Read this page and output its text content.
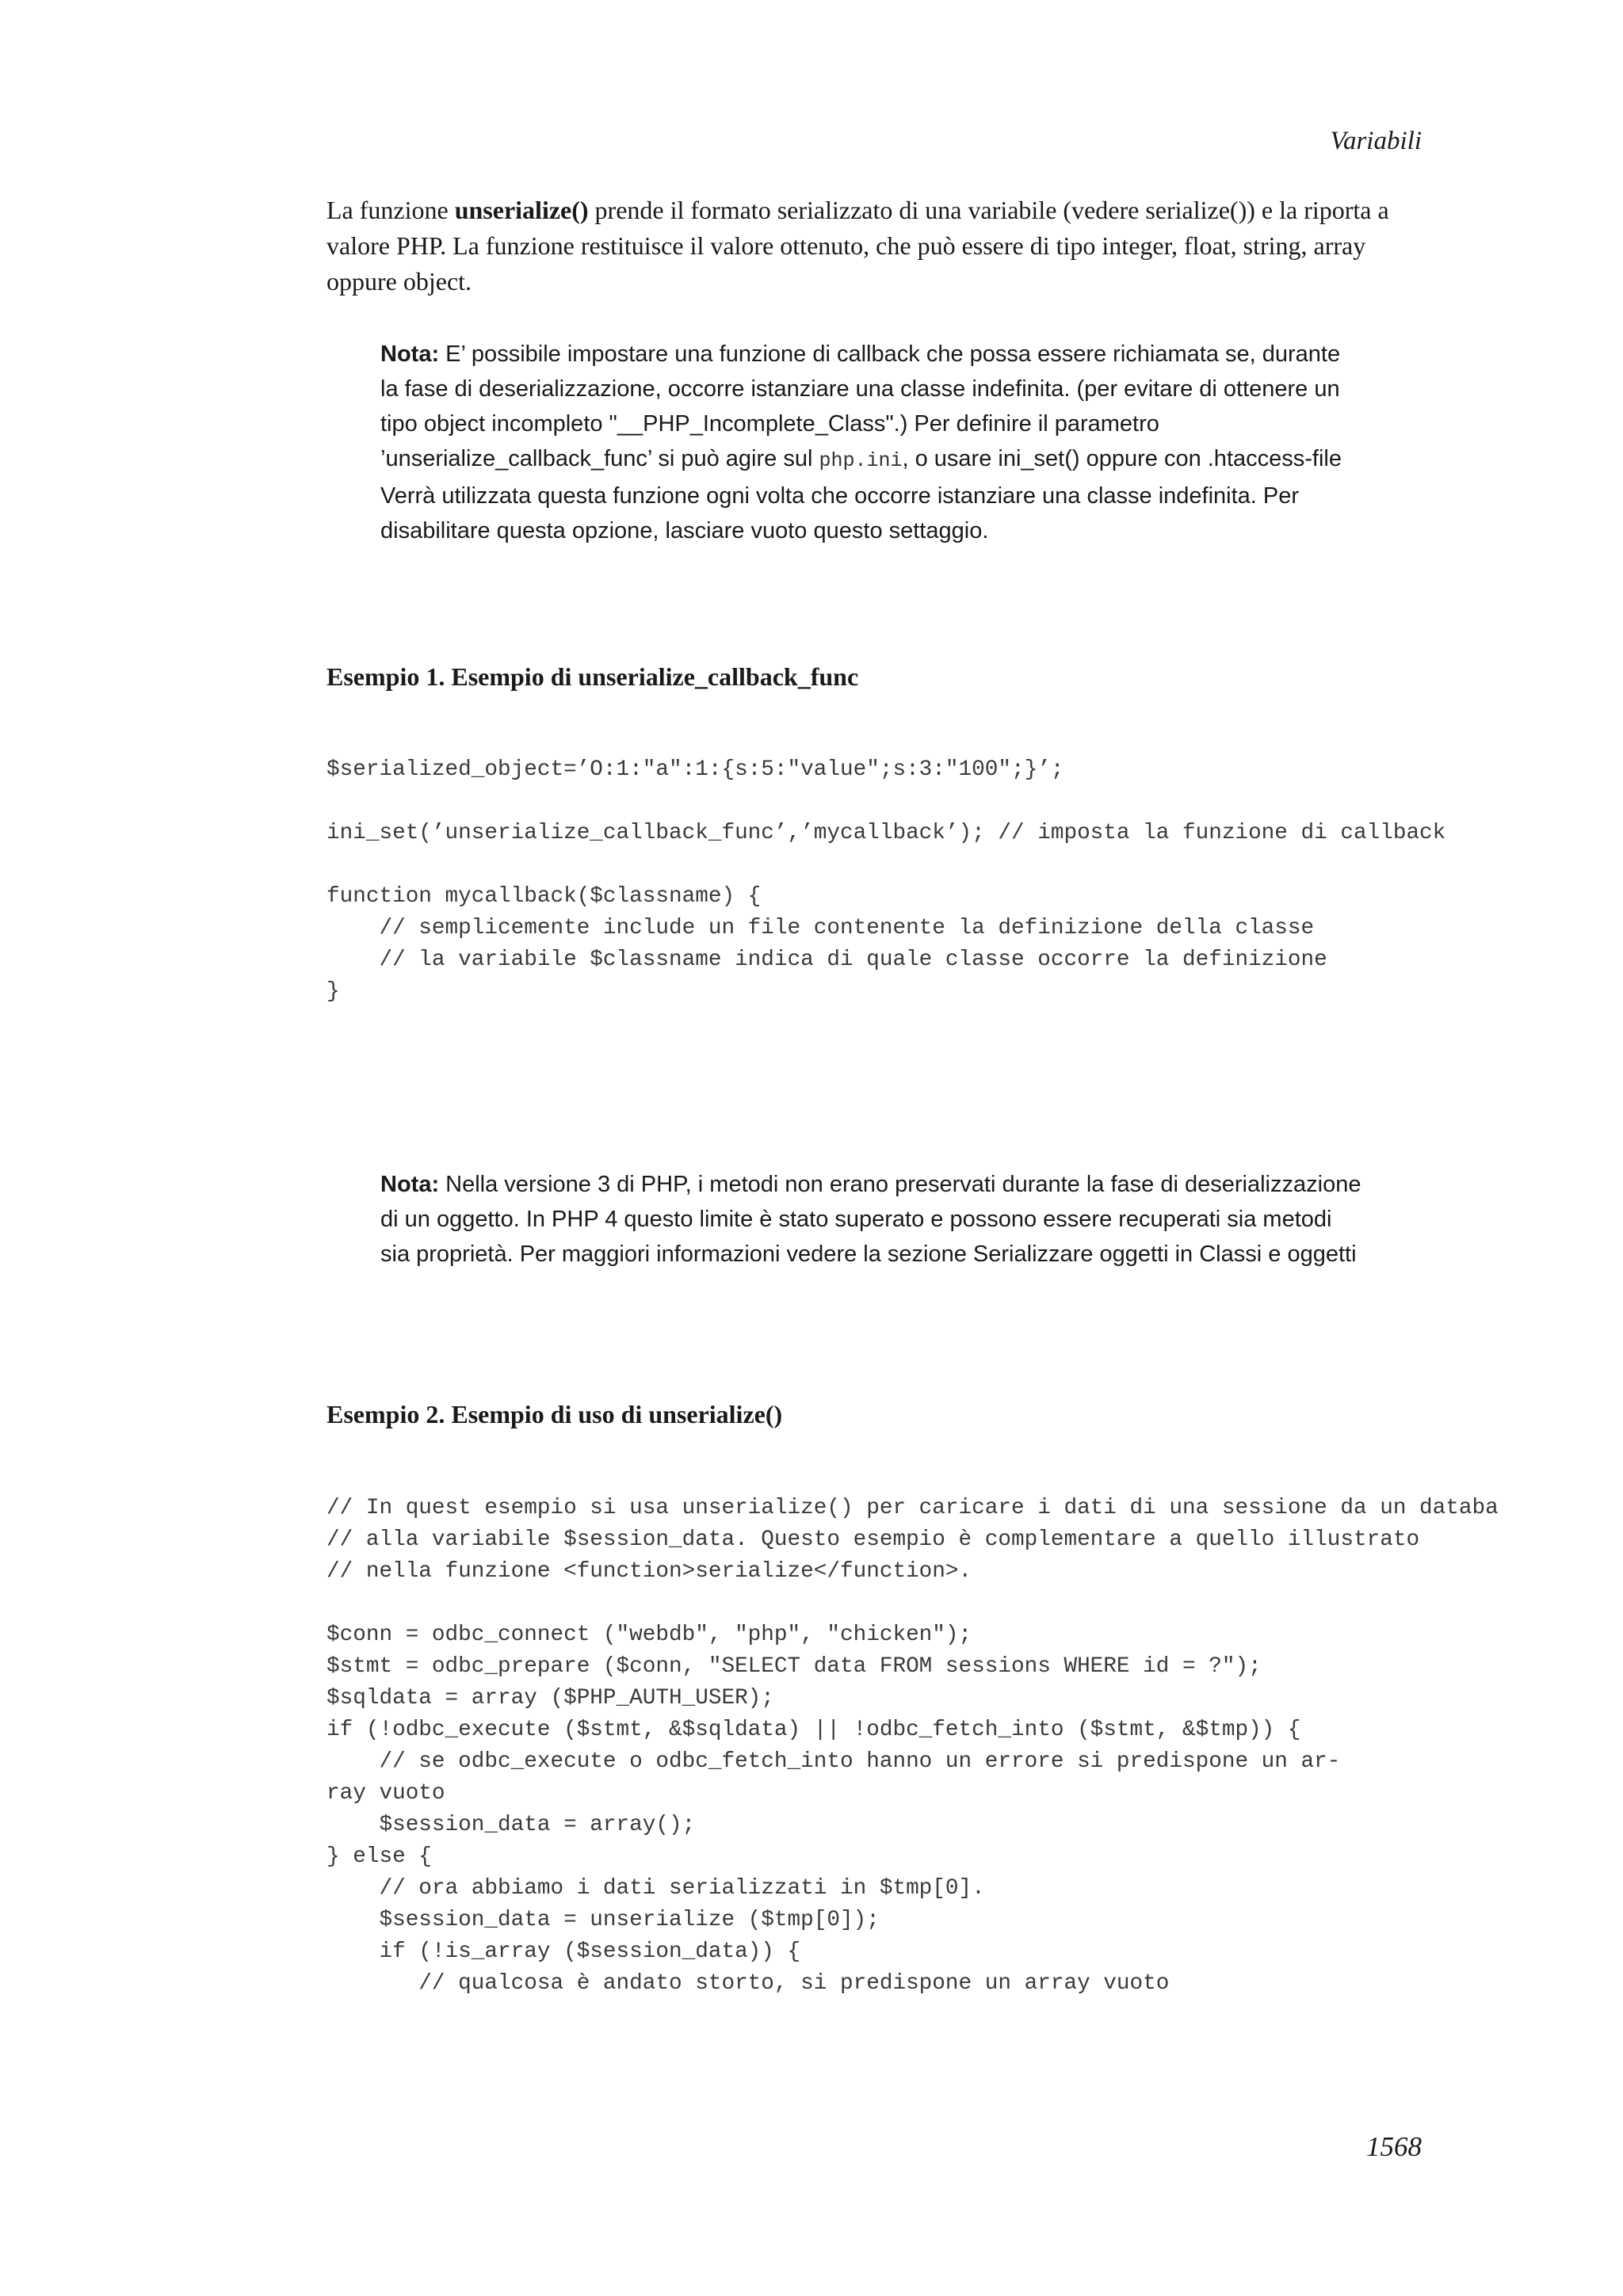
Variabili

La funzione unserialize() prende il formato serializzato di una variabile (vedere serialize()) e la riporta a valore PHP. La funzione restituisce il valore ottenuto, che può essere di tipo integer, float, string, array oppure object.

Nota: E’ possibile impostare una funzione di callback che possa essere richiamata se, durante
la fase di deserializzazione, occorre istanziare una classe indefinita. (per evitare di ottenere un
tipo object incompleto "__PHP_Incomplete_Class".) Per definire il parametro
’unserialize_callback_func’ si può agire sul php.ini, o usare ini_set() oppure con .htaccess-file
Verrà utilizzata questa funzione ogni volta che occorre istanziare una classe indefinita. Per
disabilitare questa opzione, lasciare vuoto questo settaggio.
Esempio 1. Esempio di unserialize_callback_func
$serialized_object=’O:1:"a":1:{s:5:"value";s:3:"100";}’;

ini_set(’unserialize_callback_func’,’mycallback’); // imposta la funzione di callback

function mycallback($classname) {
// semplicemente include un file contenente la definizione della classe
// la variabile $classname indica di quale classe occorre la definizione
}
Nota: Nella versione 3 di PHP, i metodi non erano preservati durante la fase di deserializzazione
di un oggetto. In PHP 4 questo limite è stato superato e possono essere recuperati sia metodi
sia proprietà. Per maggiori informazioni vedere la sezione Serializzare oggetti in Classi e oggetti
Esempio 2. Esempio di uso di unserialize()
// In quest esempio si usa unserialize() per caricare i dati di una sessione da un databa
// alla variabile $session_data. Questo esempio è complementare a quello illustrato
// nella funzione <function>serialize</function>.

$conn = odbc_connect ("webdb", "php", "chicken");
$stmt = odbc_prepare ($conn, "SELECT data FROM sessions WHERE id = ?");
$sqldata = array ($PHP_AUTH_USER);
if (!odbc_execute ($stmt, &$sqldata) || !odbc_fetch_into ($stmt, &$tmp)) {
// se odbc_execute o odbc_fetch_into hanno un errore si predispone un ar-
ray vuoto
$session_data = array();
} else {
// ora abbiamo i dati serializzati in $tmp[0].
$session_data = unserialize ($tmp[0]);
if (!is_array ($session_data)) {
// qualcosa è andato storto, si predispone un array vuoto
1568
